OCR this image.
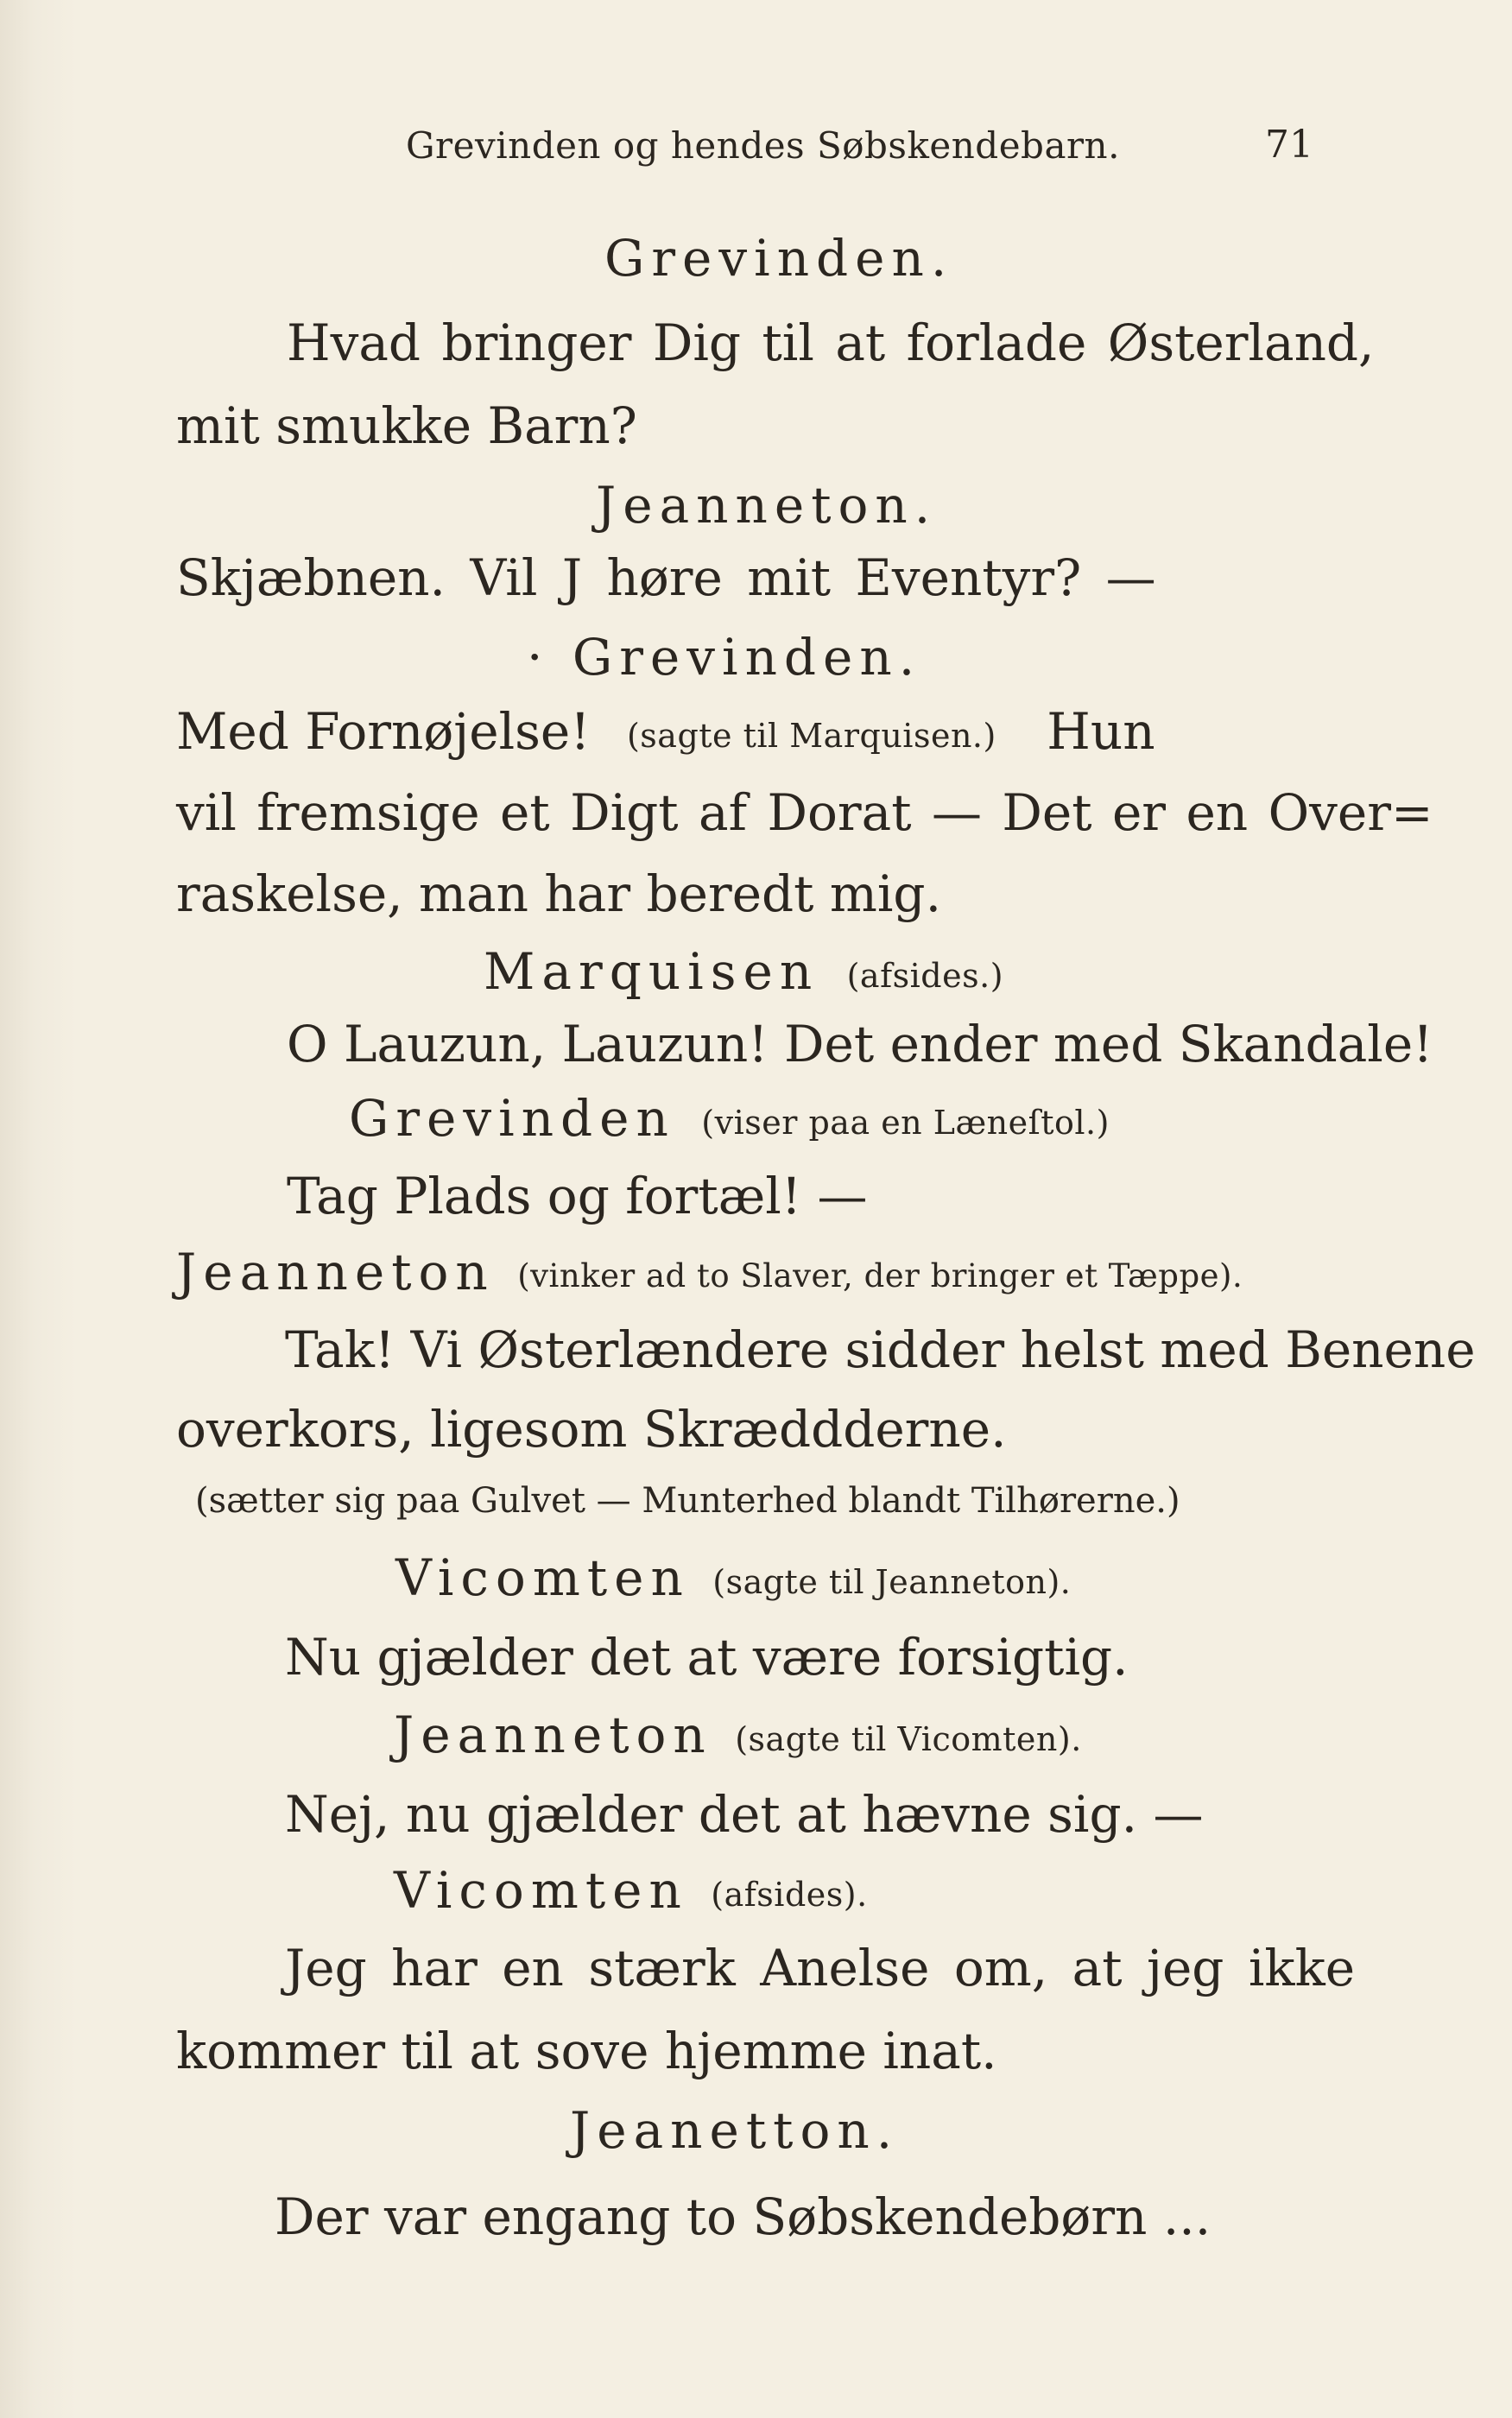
Grevinden og hendes Søbskendebarn.	71
Grevinden.
Hvad bringer Dig til at forlade Østerland,
mit smukke Barn?
Jeanneton.
Skjæbnen. Vil J høre mit Eventyr? —
· Grevinden.
Med Fornøjelse! (sagte til Marquisen.) Hun
vil fremsige et Digt af Dorat — Det er en Over=
raskelse, man har beredt mig.
Marquisen (afsides.)
O Lauzun, Lauzun! Det ender med Skandale!
Grevinden (viser paa en Læneſtol.)
Tag Plads og fortæl! —
Jeanneton (vinker ad to Slaver, der bringer et Tæppe).
Tak! Vi Østerlændere sidder helst med Benene
overkors, ligesom Skræddderne.
(sætter sig paa Gulvet — Munterhed blandt Tilhørerne.)
Vicomten (sagte til Jeanneton).
Nu gjælder det at være forsigtig.
Jeanneton (sagte til Vicomten).
Nej, nu gjælder det at hævne sig. —
Vicomten (afsides).
Jeg har en stærk Anelse om, at jeg ikke
kommer til at sove hjemme inat.
Jeanetton.
Der var engang to Søbskendebørn ...
